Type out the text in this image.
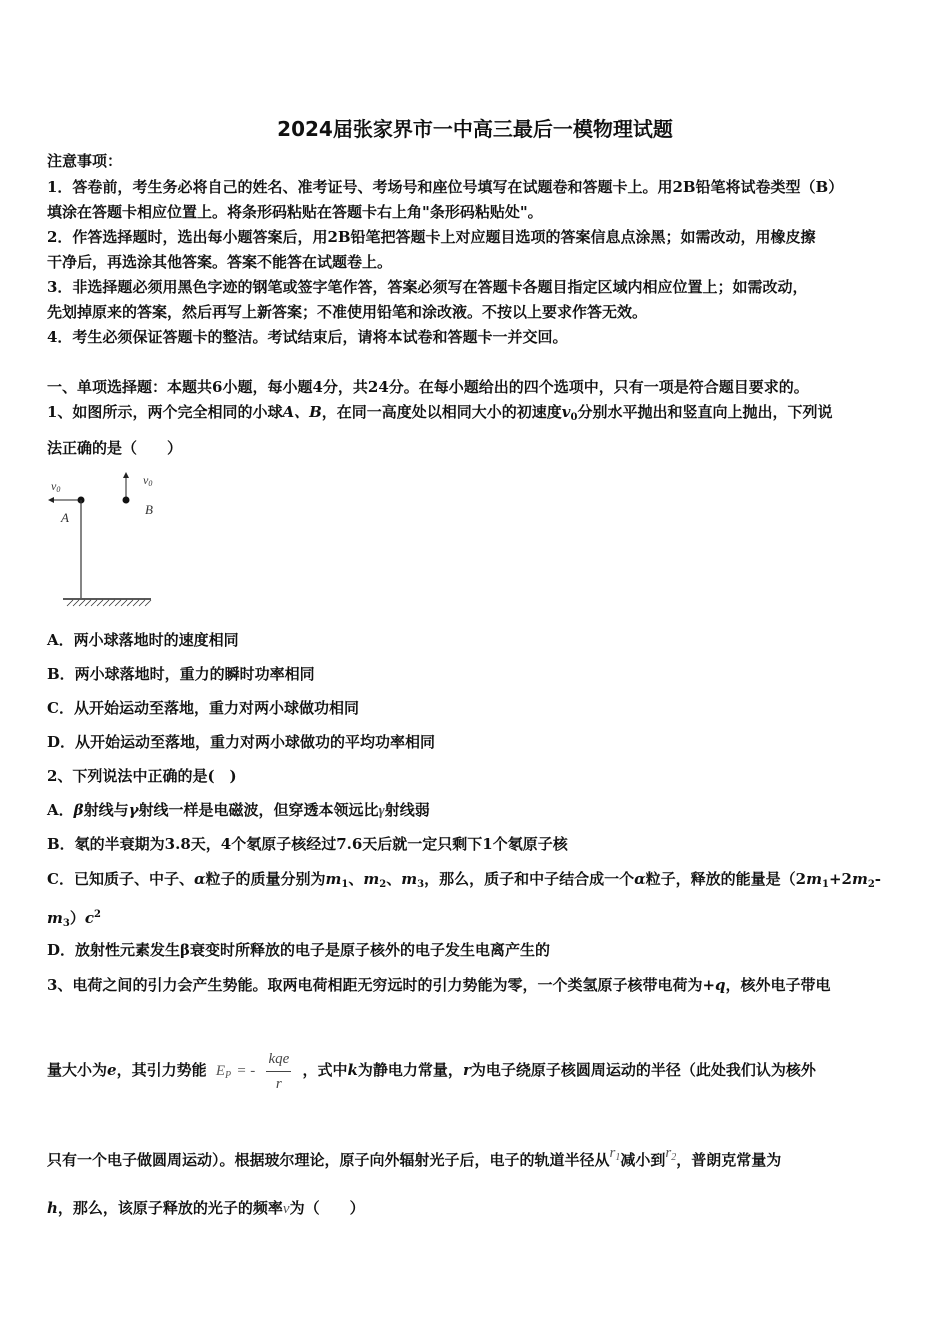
2024届张家界市一中高三最后一模物理试题
注意事项：
1．答卷前，考生务必将自己的姓名、准考证号、考场号和座位号填写在试题卷和答题卡上。用2B铅笔将试卷类型（B）
填涂在答题卡相应位置上。将条形码粘贴在答题卡右上角"条形码粘贴处"。
2．作答选择题时，选出每小题答案后，用2B铅笔把答题卡上对应题目选项的答案信息点涂黑；如需改动，用橡皮擦
干净后，再选涂其他答案。答案不能答在试题卷上。
3．非选择题必须用黑色字迹的钢笔或签字笔作答，答案必须写在答题卡各题目指定区域内相应位置上；如需改动，
先划掉原来的答案，然后再写上新答案；不准使用铅笔和涂改液。不按以上要求作答无效。
4．考生必须保证答题卡的整洁。考试结束后，请将本试卷和答题卡一并交回。
一、单项选择题：本题共6小题，每小题4分，共24分。在每小题给出的四个选项中，只有一项是符合题目要求的。
1、如图所示，两个完全相同的小球A、B，在同一高度处以相同大小的初速度$v_0$分别水平抛出和竖直向上抛出，下列说
法正确的是（　　）
v0
A
v0
B
A．两小球落地时的速度相同
B．两小球落地时，重力的瞬时功率相同
C．从开始运动至落地，重力对两小球做功相同
D．从开始运动至落地，重力对两小球做功的平均功率相同
2、下列说法中正确的是(　)
A．β射线与γ射线一样是电磁波，但穿透本领远比γ射线弱
B．氡的半衰期为3.8天，4个氡原子核经过7.6天后就一定只剩下1个氡原子核
C．已知质子、中子、α粒子的质量分别为$m_1$、$m_2$、$m_3$，那么，质子和中子结合成一个α粒子，释放的能量是（$2m_1+2m_2-$
$m_3)c^2$
D．放射性元素发生β衰变时所释放的电子是原子核外的电子发生电离产生的
3、电荷之间的引力会产生势能。取两电荷相距无穷远时的引力势能为零，一个类氢原子核带电荷为+q，核外电子带电
量大小为e，其引力势能 $E_P$ = - $\frac{\text{kqe}}{r}$ ，式中k为静电力常量，r为电子绕原子核圆周运动的半径（此处我们认为核外
只有一个电子做圆周运动）。根据玻尔理论，原子向外辐射光子后，电子的轨道半径从$r_1$减小到$r_2$，普朗克常量为
h，那么，该原子释放的光子的频率ν为（　　）
